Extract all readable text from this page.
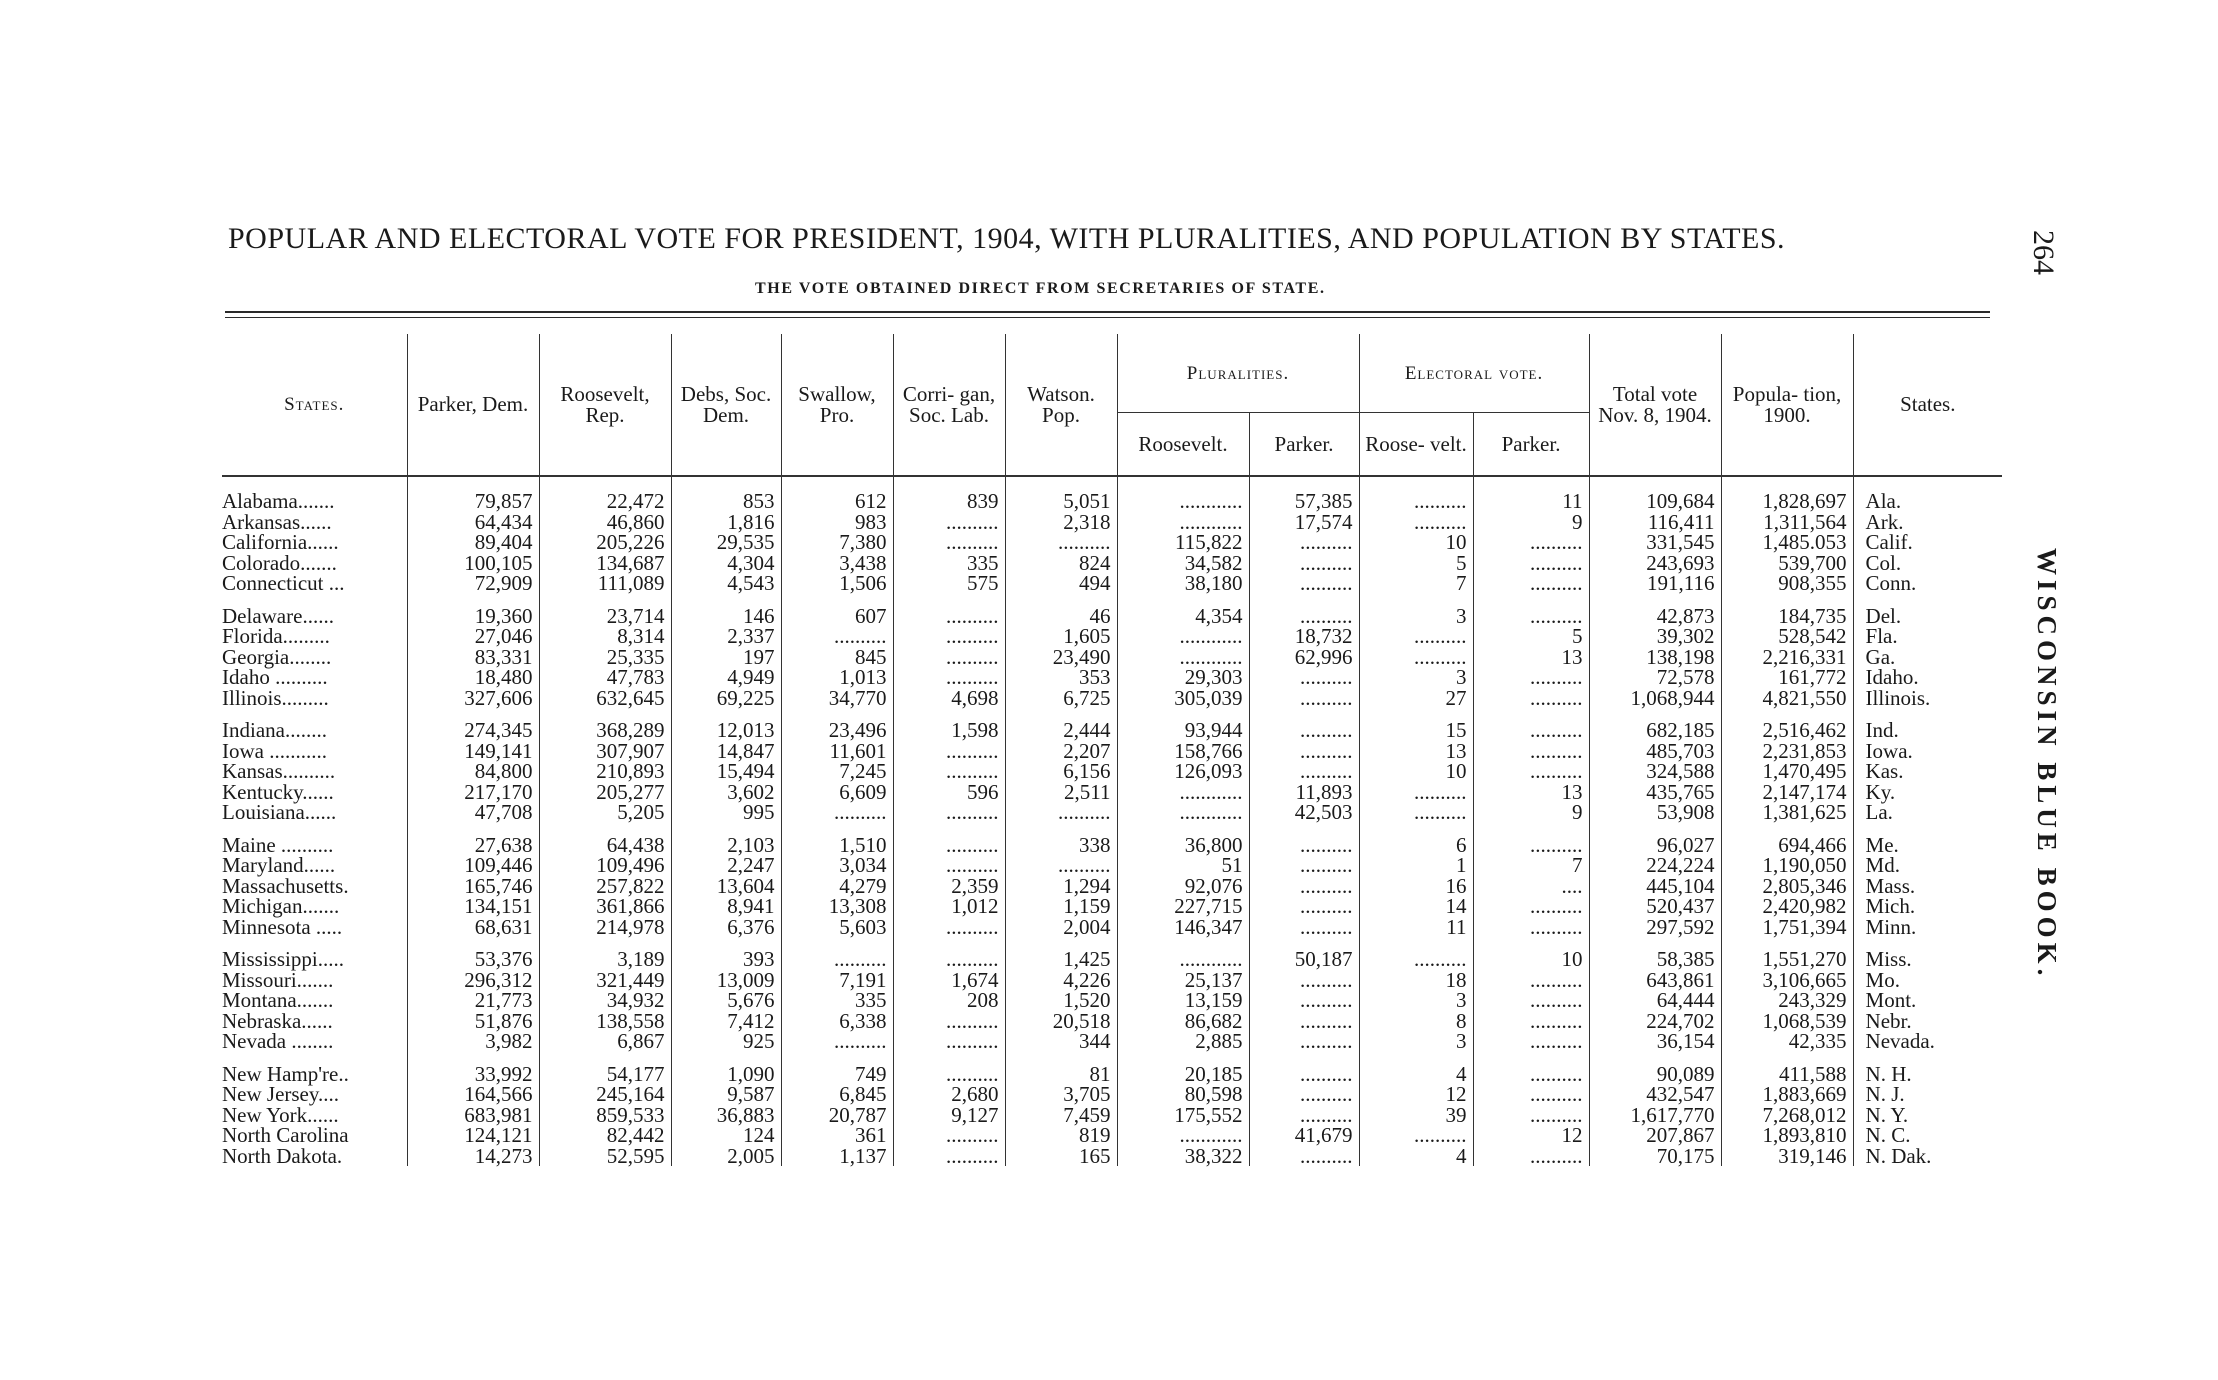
POPULAR AND ELECTORAL VOTE FOR PRESIDENT, 1904, WITH PLURALITIES, AND POPULATION BY STATES.
THE VOTE OBTAINED DIRECT FROM SECRETARIES OF STATE.
264
WISCONSIN BLUE BOOK.
States.	Parker, Dem.	Roosevelt, Rep.	Debs, Soc. Dem.	Swallow, Pro.	Corri- gan, Soc. Lab.	Watson. Pop.	Pluralities.		Electoral vote.		Total vote Nov. 8, 1904.	Popula- tion, 1900.	States.
							Roosevelt.	Parker.	Roose- velt.	Parker.			

Alabama.......	79,857	22,472	853	612	839	5,051	............	57,385	..........	11	109,684	1,828,697	Ala.
Arkansas......	64,434	46,860	1,816	983	..........	2,318	............	17,574	..........	9	116,411	1,311,564	Ark.
California......	89,404	205,226	29,535	7,380	..........	..........	115,822	..........	10	..........	331,545	1,485.053	Calif.
Colorado.......	100,105	134,687	4,304	3,438	335	824	34,582	..........	5	..........	243,693	539,700	Col.
Connecticut ...	72,909	111,089	4,543	1,506	575	494	38,180	..........	7	..........	191,116	908,355	Conn.

Delaware......	19,360	23,714	146	607	..........	46	4,354	..........	3	..........	42,873	184,735	Del.
Florida.........	27,046	8,314	2,337	..........	..........	1,605	............	18,732	..........	5	39,302	528,542	Fla.
Georgia........	83,331	25,335	197	845	..........	23,490	............	62,996	..........	13	138,198	2,216,331	Ga.
Idaho ..........	18,480	47,783	4,949	1,013	..........	353	29,303	..........	3	..........	72,578	161,772	Idaho.
Illinois.........	327,606	632,645	69,225	34,770	4,698	6,725	305,039	..........	27	..........	1,068,944	4,821,550	Illinois.

Indiana........	274,345	368,289	12,013	23,496	1,598	2,444	93,944	..........	15	..........	682,185	2,516,462	Ind.
Iowa ...........	149,141	307,907	14,847	11,601	..........	2,207	158,766	..........	13	..........	485,703	2,231,853	Iowa.
Kansas..........	84,800	210,893	15,494	7,245	..........	6,156	126,093	..........	10	..........	324,588	1,470,495	Kas.
Kentucky......	217,170	205,277	3,602	6,609	596	2,511	............	11,893	..........	13	435,765	2,147,174	Ky.
Louisiana......	47,708	5,205	995	..........	..........	..........	............	42,503	..........	9	53,908	1,381,625	La.

Maine ..........	27,638	64,438	2,103	1,510	..........	338	36,800	..........	6	..........	96,027	694,466	Me.
Maryland......	109,446	109,496	2,247	3,034	..........	..........	51	..........	1	7	224,224	1,190,050	Md.
Massachusetts.	165,746	257,822	13,604	4,279	2,359	1,294	92,076	..........	16	....	445,104	2,805,346	Mass.
Michigan.......	134,151	361,866	8,941	13,308	1,012	1,159	227,715	..........	14	..........	520,437	2,420,982	Mich.
Minnesota .....	68,631	214,978	6,376	5,603	..........	2,004	146,347	..........	11	..........	297,592	1,751,394	Minn.

Mississippi.....	53,376	3,189	393	..........	..........	1,425	............	50,187	..........	10	58,385	1,551,270	Miss.
Missouri.......	296,312	321,449	13,009	7,191	1,674	4,226	25,137	..........	18	..........	643,861	3,106,665	Mo.
Montana.......	21,773	34,932	5,676	335	208	1,520	13,159	..........	3	..........	64,444	243,329	Mont.
Nebraska......	51,876	138,558	7,412	6,338	..........	20,518	86,682	..........	8	..........	224,702	1,068,539	Nebr.
Nevada ........	3,982	6,867	925	..........	..........	344	2,885	..........	3	..........	36,154	42,335	Nevada.

New Hamp're..	33,992	54,177	1,090	749	..........	81	20,185	..........	4	..........	90,089	411,588	N. H.
New Jersey....	164,566	245,164	9,587	6,845	2,680	3,705	80,598	..........	12	..........	432,547	1,883,669	N. J.
New York......	683,981	859,533	36,883	20,787	9,127	7,459	175,552	..........	39	..........	1,617,770	7,268,012	N. Y.
North Carolina	124,121	82,442	124	361	..........	819	............	41,679	..........	12	207,867	1,893,810	N. C.
North Dakota.	14,273	52,595	2,005	1,137	..........	165	38,322	..........	4	..........	70,175	319,146	N. Dak.
